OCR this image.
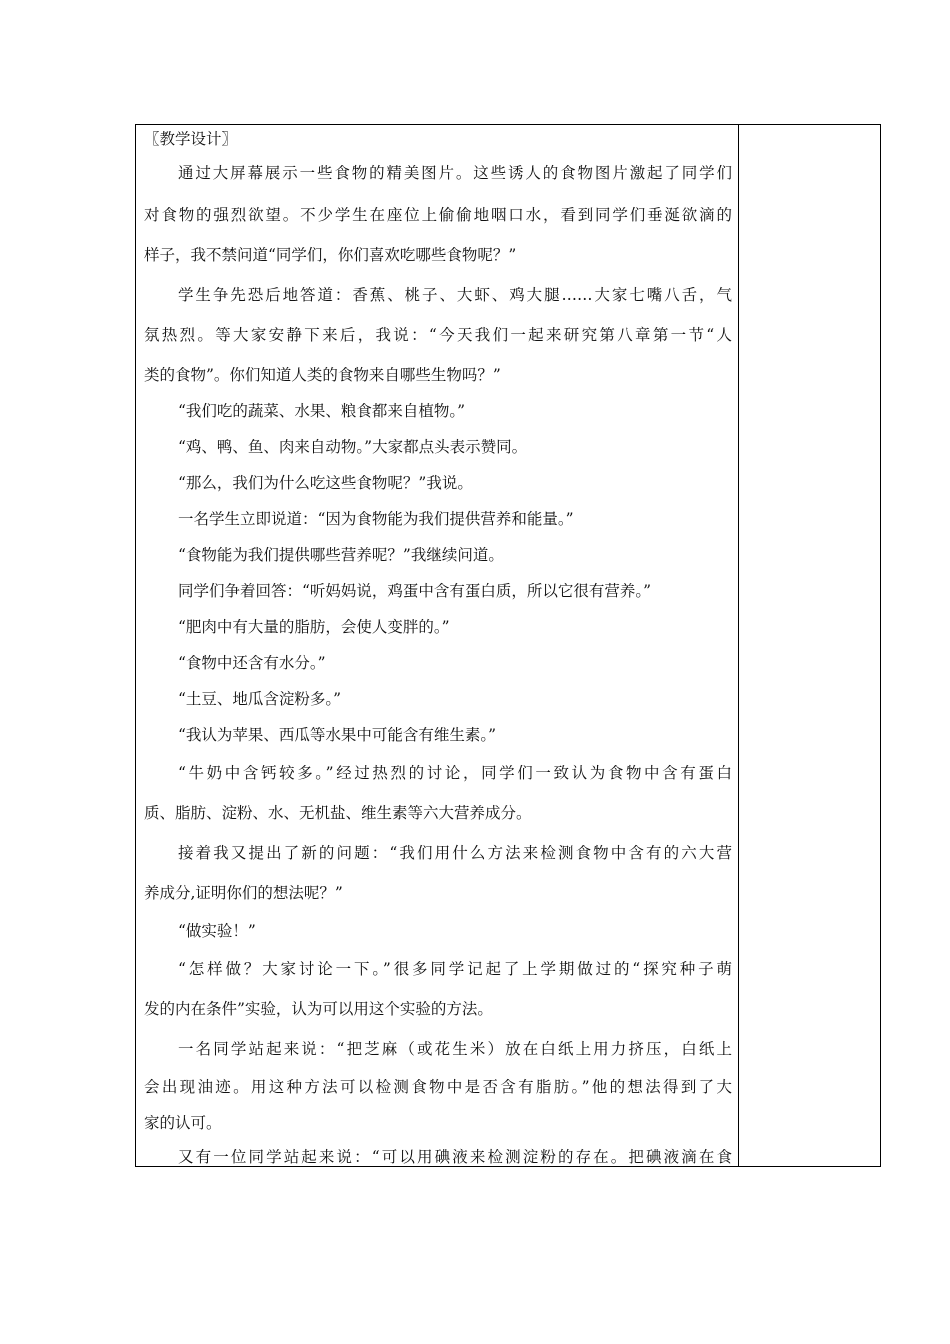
〖教学设计〗
通过大屏幕展示一些食物的精美图片。这些诱人的食物图片激起了同学们
对食物的强烈欲望。不少学生在座位上偷偷地咽口水，看到同学们垂涎欲滴的
样子，我不禁问道“同学们，你们喜欢吃哪些食物呢？”
学生争先恐后地答道：香蕉、桃子、大虾、鸡大腿……大家七嘴八舌，气
氛热烈。等大家安静下来后，我说：“今天我们一起来研究第八章第一节“人
类的食物”。你们知道人类的食物来自哪些生物吗？”
“我们吃的蔬菜、水果、粮食都来自植物。”
“鸡、鸭、鱼、肉来自动物。”大家都点头表示赞同。
“那么，我们为什么吃这些食物呢？”我说。
一名学生立即说道：“因为食物能为我们提供营养和能量。”
“食物能为我们提供哪些营养呢？”我继续问道。
同学们争着回答：“听妈妈说，鸡蛋中含有蛋白质，所以它很有营养。”
“肥肉中有大量的脂肪，会使人变胖的。”
“食物中还含有水分。”
“土豆、地瓜含淀粉多。”
“我认为苹果、西瓜等水果中可能含有维生素。”
“牛奶中含钙较多。”经过热烈的讨论，同学们一致认为食物中含有蛋白
质、脂肪、淀粉、水、无机盐、维生素等六大营养成分。
接着我又提出了新的问题：“我们用什么方法来检测食物中含有的六大营
养成分,证明你们的想法呢？”
“做实验！”
“怎样做？大家讨论一下。”很多同学记起了上学期做过的“探究种子萌
发的内在条件”实验，认为可以用这个实验的方法。
一名同学站起来说：“把芝麻（或花生米）放在白纸上用力挤压，白纸上
会出现油迹。用这种方法可以检测食物中是否含有脂肪。”他的想法得到了大
家的认可。
又有一位同学站起来说：“可以用碘液来检测淀粉的存在。把碘液滴在食
